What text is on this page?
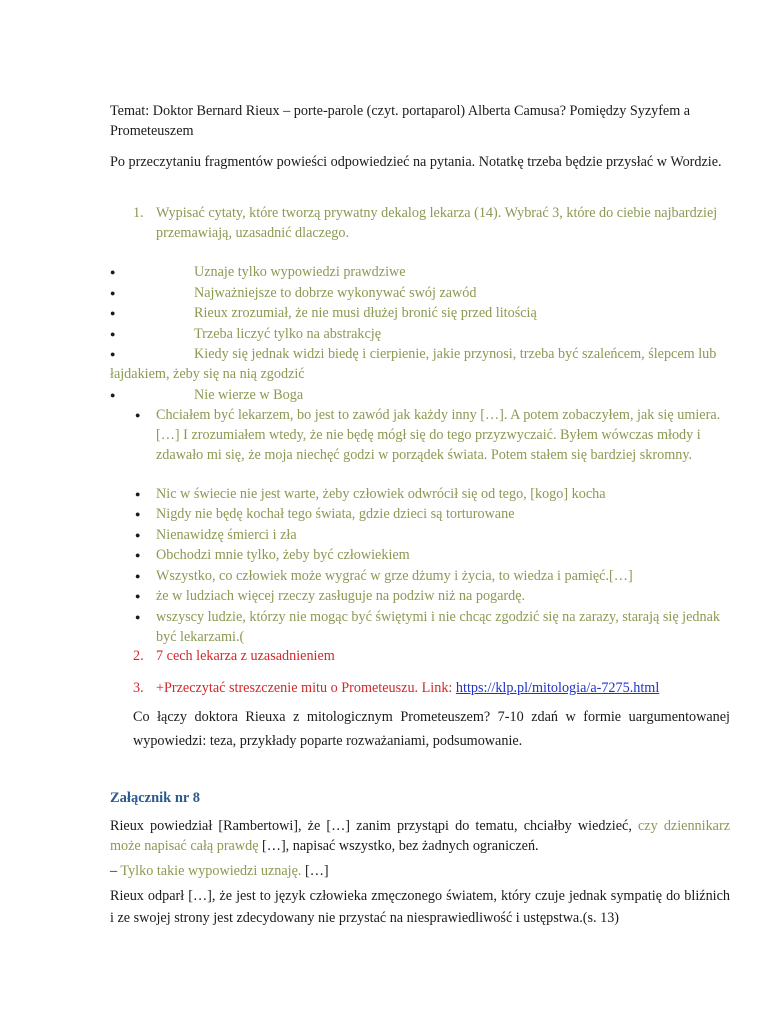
Temat: Doktor Bernard Rieux – porte-parole (czyt. portaparol) Alberta Camusa? Pomiędzy Syzyfem a Prometeuszem

Po przeczytaniu fragmentów powieści odpowiedzieć na pytania. Notatkę trzeba będzie przysłać w Wordzie.

1. Wypisać cytaty, które tworzą prywatny dekalog lekarza (14). Wybrać 3, które do ciebie najbardziej przemawiają, uzasadnić dlaczego.
●	Uznaje tylko wypowiedzi prawdziwe
●	Najważniejsze to dobrze wykonywać swój zawód
●	Rieux zrozumiał, że nie musi dłużej bronić się przed litością
●	Trzeba liczyć tylko na abstrakcję
●	Kiedy się jednak widzi biedę i cierpienie, jakie przynosi, trzeba być szaleńcem, ślepcem lub łajdakiem, żeby się na nią zgodzić
●	Nie wierze w Boga
● Chciałem być lekarzem, bo jest to zawód jak każdy inny […]. A potem zobaczyłem, jak się umiera. […] I zrozumiałem wtedy, że nie będę mógł się do tego przyzwyczaić. Byłem wówczas młody i zdawało mi się, że moja niechęć godzi w porządek świata. Potem stałem się bardziej skromny.
● Nic w świecie nie jest warte, żeby człowiek odwrócił się od tego, [kogo] kocha
● Nigdy nie będę kochał tego świata, gdzie dzieci są torturowane
● Nienawidzę śmierci i zła
● Obchodzi mnie tylko, żeby być człowiekiem
● Wszystko, co człowiek może wygrać w grze dżumy i życia, to wiedza i pamięć.[…]
● że w ludziach więcej rzeczy zasługuje na podziw niż na pogardę.
● wszyscy ludzie, którzy nie mogąc być świętymi i nie chcąc zgodzić się na zarazy, starają się jednak być lekarzami.(
2. 7 cech lekarza z uzasadnieniem
3. +Przeczytać streszczenie mitu o Prometeuszu. Link: https://klp.pl/mitologia/a-7275.html

Co łączy doktora Rieuxa z mitologicznym Prometeuszem? 7-10 zdań w formie uargumentowanej wypowiedzi: teza, przykłady poparte rozważaniami, podsumowanie.

Załącznik nr 8

Rieux powiedział [Rambertowi], że […] zanim przystąpi do tematu, chciałby wiedzieć, czy dziennikarz może napisać całą prawdę […], napisać wszystko, bez żadnych ograniczeń.

– Tylko takie wypowiedzi uznaję. […]

Rieux odparł […], że jest to język człowieka zmęczonego światem, który czuje jednak sympatię do bliźnich i ze swojej strony jest zdecydowany nie przystać na niesprawiedliwość i ustępstwa.(s. 13)
